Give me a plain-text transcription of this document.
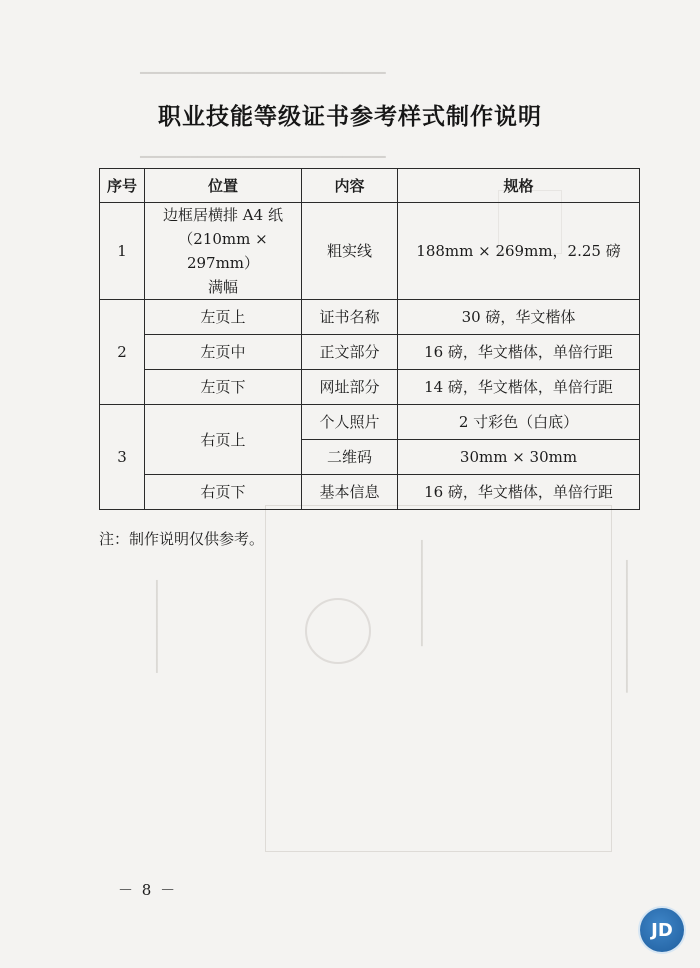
━━━━━━━━━━━━━━━━━━━━━━━━━━━━━━━━━━
━━━━━━━━━━━━━━━━━━━━━━━━━━━━━━━━━━
━━━━━━━━━━━━━━━━━━━━
━━━━━━━━━━━━━━━━
━━━━━━━━━━━━━━
职业技能等级证书参考样式制作说明
序号	位置	内容	规格
1	边框居横排 A4 纸
（210mm × 297mm）
满幅	粗实线	188mm × 269mm，2.25 磅
2	左页上	证书名称	30 磅，华文楷体
	左页中	正文部分	16 磅，华文楷体，单倍行距
	左页下	网址部分	14 磅，华文楷体，单倍行距
3	右页上	个人照片	2 寸彩色（白底）
		二维码	30mm × 30mm
	右页下	基本信息	16 磅，华文楷体，单倍行距
注：制作说明仅供参考。
－ 8 －
JD
